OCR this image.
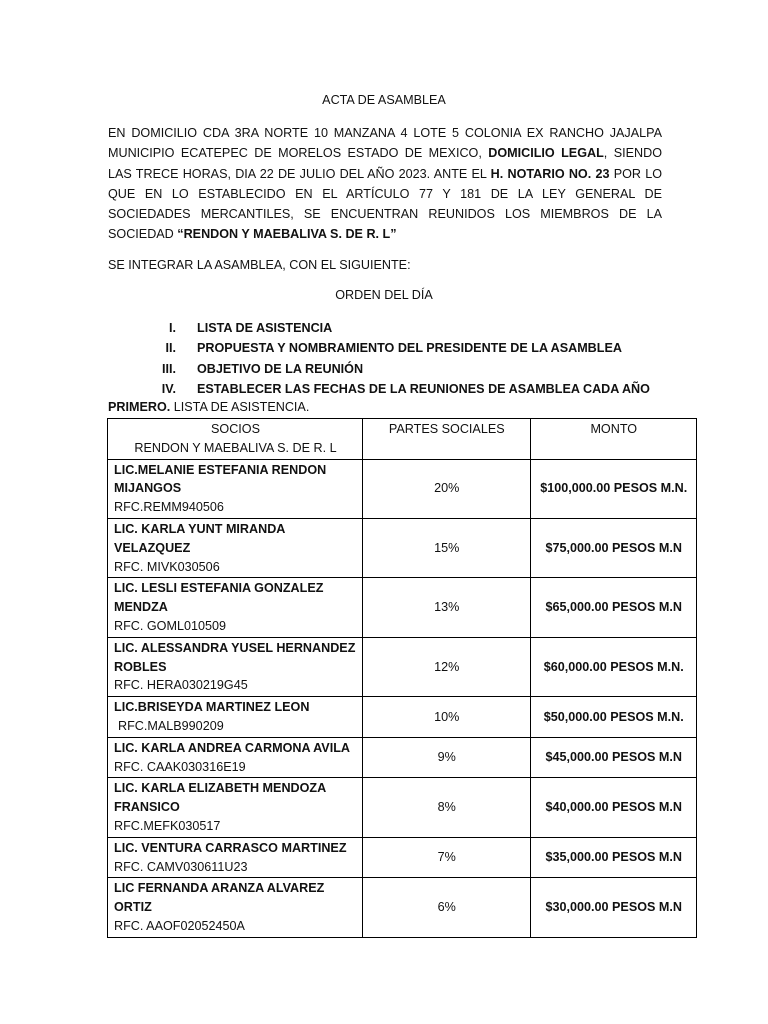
ACTA DE ASAMBLEA

EN DOMICILIO CDA 3RA NORTE 10 MANZANA 4 LOTE 5 COLONIA EX RANCHO JAJALPA MUNICIPIO ECATEPEC DE MORELOS ESTADO DE MEXICO, DOMICILIO LEGAL, SIENDO LAS TRECE HORAS, DIA 22 DE JULIO DEL AÑO 2023. ANTE EL H. NOTARIO NO. 23 POR LO QUE EN LO ESTABLECIDO EN EL ARTÍCULO 77 Y 181 DE LA LEY GENERAL DE SOCIEDADES MERCANTILES, SE ENCUENTRAN REUNIDOS LOS MIEMBROS DE LA SOCIEDAD “RENDON Y MAEBALIVA S. DE R. L”

SE INTEGRAR LA ASAMBLEA, CON EL SIGUIENTE:
ORDEN DEL DÍA
I. LISTA DE ASISTENCIA
II. PROPUESTA Y NOMBRAMIENTO DEL PRESIDENTE DE LA ASAMBLEA
III. OBJETIVO DE LA REUNIÓN
IV. ESTABLECER LAS FECHAS DE LA REUNIONES DE ASAMBLEA CADA AÑO
PRIMERO. LISTA DE ASISTENCIA.
SOCIOS
RENDON Y MAEBALIVA S. DE R. L	PARTES SOCIALES	MONTO

LIC.MELANIE ESTEFANIA RENDON MIJANGOS
RFC.REMM940506	20%	$100,000.00 PESOS M.N.

LIC. KARLA YUNT MIRANDA VELAZQUEZ
RFC. MIVK030506	15%	$75,000.00 PESOS M.N

LIC. LESLI ESTEFANIA GONZALEZ MENDZA
RFC. GOML010509	13%	$65,000.00 PESOS M.N

LIC. ALESSANDRA YUSEL HERNANDEZ ROBLES
RFC. HERA030219G45	12%	$60,000.00 PESOS M.N.

LIC.BRISEYDA MARTINEZ LEON
RFC.MALB990209	10%	$50,000.00 PESOS M.N.

LIC. KARLA ANDREA CARMONA AVILA
RFC. CAAK030316E19	9%	$45,000.00 PESOS M.N

LIC. KARLA ELIZABETH MENDOZA FRANSICO
RFC.MEFK030517	8%	$40,000.00 PESOS M.N

LIC. VENTURA CARRASCO MARTINEZ
RFC. CAMV030611U23	7%	$35,000.00 PESOS M.N

LIC FERNANDA ARANZA ALVAREZ ORTIZ
RFC. AAOF02052450A	6%	$30,000.00 PESOS M.N
